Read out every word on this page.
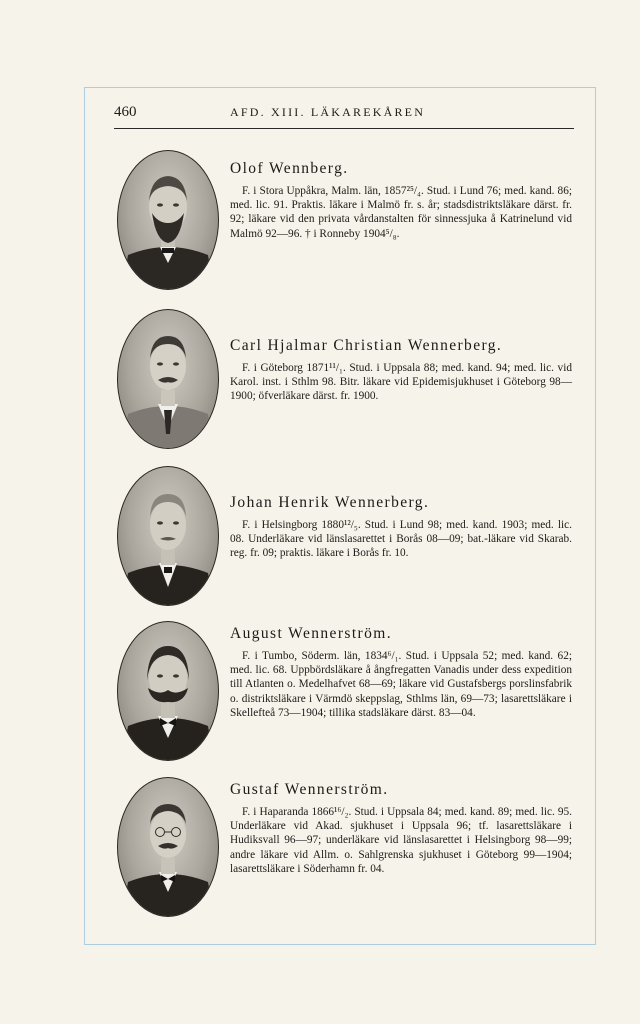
460	AFD. XIII. LÄKAREKÅREN

Olof Wennberg.

F. i Stora Uppåkra, Malm. län, 1857²⁵/₄. Stud. i Lund 76; med. kand. 86; med. lic. 91. Praktis. läkare i Malmö fr. s. år; stadsdistriktsläkare därst. fr. 92; läkare vid den privata vårdanstalten för sinnessjuka å Katrinelund vid Malmö 92—96. † i Ronneby 1904⁵/₈.

Carl Hjalmar Christian Wennerberg.

F. i Göteborg 1871¹¹/₁. Stud. i Uppsala 88; med. kand. 94; med. lic. vid Karol. inst. i Sthlm 98. Bitr. läkare vid Epidemisjukhuset i Göteborg 98—1900; öfverläkare därst. fr. 1900.

Johan Henrik Wennerberg.

F. i Helsingborg 1880¹²/₅. Stud. i Lund 98; med. kand. 1903; med. lic. 08. Underläkare vid länslasarettet i Borås 08—09; bat.-läkare vid Skarab. reg. fr. 09; praktis. läkare i Borås fr. 10.

August Wennerström.

F. i Tumbo, Söderm. län, 1834⁶/₁. Stud. i Uppsala 52; med. kand. 62; med. lic. 68. Uppbördsläkare å ångfregatten Vanadis under dess expedition till Atlanten o. Medelhafvet 68—69; läkare vid Gustafsbergs porslinsfabrik o. distriktsläkare i Värmdö skeppslag, Sthlms län, 69—73; lasarettsläkare i Skellefteå 73—1904; tillika stadsläkare därst. 83—04.

Gustaf Wennerström.

F. i Haparanda 1866¹⁶/₂. Stud. i Uppsala 84; med. kand. 89; med. lic. 95. Underläkare vid Akad. sjukhuset i Uppsala 96; tf. lasarettsläkare i Hudiksvall 96—97; underläkare vid länslasarettet i Helsingborg 98—99; andre läkare vid Allm. o. Sahlgrenska sjukhuset i Göteborg 99—1904; lasarettsläkare i Söderhamn fr. 04.
